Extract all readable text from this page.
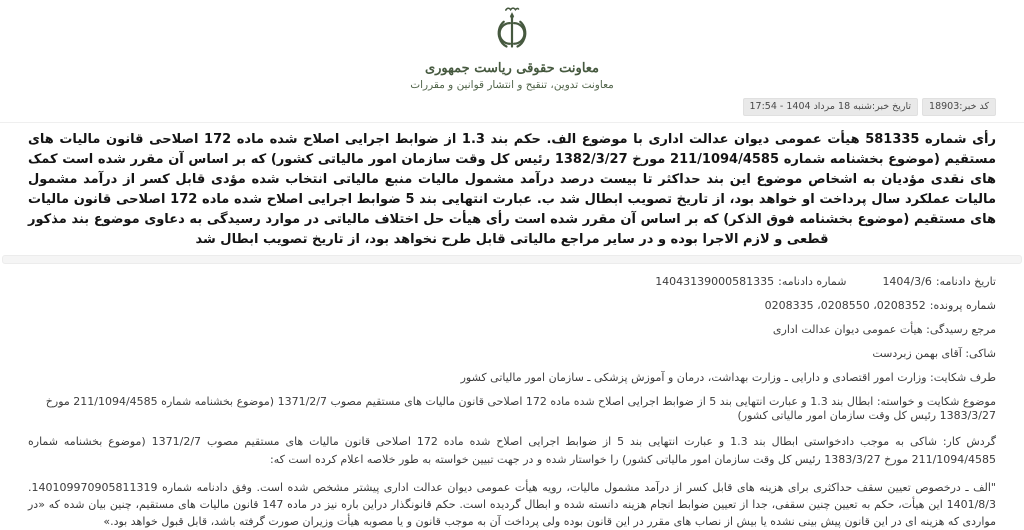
معاونت حقوقی ریاست جمهوری
معاونت تدوین، تنقیح و انتشار قوانین و مقررات
کد خبر:18903
تاریخ خبر:شنبه 18 مرداد 1404 - 17:54
رأی شماره 581335 هیأت عمومی دیوان عدالت اداری با موضوع الف. حکم بند 1.3 از ضوابط اجرایی اصلاح شده ماده 172 اصلاحی قانون مالیات های مستقیم (موضوع بخشنامه شماره 211/1094/4585 مورخ 1382/3/27 رئیس کل وقت سازمان امور مالیاتی کشور) که بر اساس آن مقرر شده است کمک های نقدی مؤدیان به اشخاص موضوع این بند حداکثر تا بیست درصد درآمد مشمول مالیات منبع مالیاتی انتخاب شده مؤدی قابل کسر از درآمد مشمول مالیات عملکرد سال پرداخت او خواهد بود، از تاریخ تصویب ابطال شد ب. عبارت انتهایی بند 5 ضوابط اجرایی اصلاح شده ماده 172 اصلاحی قانون مالیات های مستقیم (موضوع بخشنامه فوق الذکر) که بر اساس آن مقرر شده است رأی هیأت حل اختلاف مالیاتی در موارد رسیدگی به دعاوی موضوع بند مذکور قطعی و لازم الاجرا بوده و در سایر مراجع مالیاتی قابل طرح نخواهد بود، از تاریخ تصویب ابطال شد
تاریخ دادنامه:
1404/3/6
شماره دادنامه:
14043139000581335
شماره پرونده:
0208352، 0208550، 0208335
مرجع رسیدگی: هیأت عمومی دیوان عدالت اداری
شاکی: آقای بهمن زبردست
طرف شکایت: وزارت امور اقتصادی و دارایی ـ وزارت بهداشت، درمان و آموزش پزشکی ـ سازمان امور مالیاتی کشور
موضوع شکایت و خواسته: ابطال بند 1.3 و عبارت انتهایی بند 5 از ضوابط اجرایی اصلاح شده ماده 172 اصلاحی قانون مالیات های مستقیم مصوب 1371/2/7 (موضوع بخشنامه شماره 211/1094/4585 مورخ 1383/3/27 رئیس کل وقت سازمان امور مالیاتی کشور)

گردش کار: شاکی به موجب دادخواستی ابطال بند 1.3 و عبارت انتهایی بند 5 از ضوابط اجرایی اصلاح شده ماده 172 اصلاحی قانون مالیات های مستقیم مصوب 1371/2/7 (موضوع بخشنامه شماره 211/1094/4585 مورخ 1383/3/27 رئیس کل وقت سازمان امور مالیاتی کشور) را خواستار شده و در جهت تبیین خواسته به طور خلاصه اعلام کرده است که:

"الف ـ درخصوص تعیین سقف حداکثری برای هزینه های قابل کسر از درآمد مشمول مالیات، رویه هیأت عمومی دیوان عدالت اداری پیشتر مشخص شده است. وفق دادنامه شماره 140109970905811319. 1401/8/3 این هیأت، حکم به تعیین چنین سقفی، جدا از تعیین ضوابط انجام هزینه دانسته شده و ابطال گردیده است. حکم قانونگذار دراین باره نیز در ماده 147 قانون مالیات های مستقیم، چنین بیان شده که «در مواردی که هزینه ای در این قانون پیش بینی نشده یا بیش از نصاب های مقرر در این قانون بوده ولی پرداخت آن به موجب قانون و یا مصوبه هیأت وزیران صورت گرفته باشد، قابل قبول خواهد بود.»
